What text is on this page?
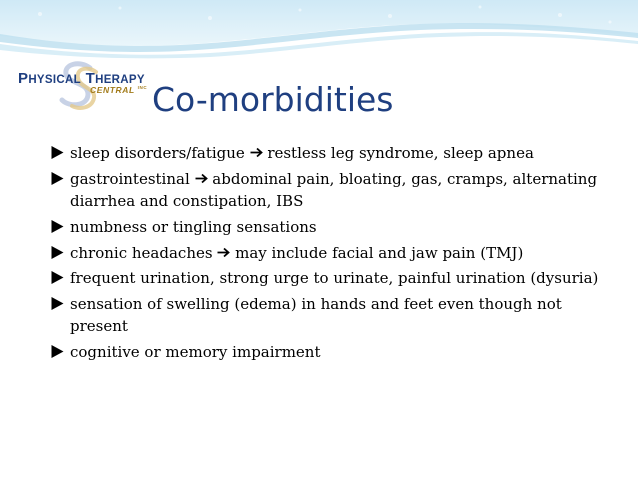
PHYSICAL THERAPY
CENTRAL $^{INC}$ Co-morbidities
sleep disorders/fatigue  restless leg syndrome, sleep apnea
gastrointestinal  abdominal pain, bloating, gas, cramps, alternating diarrhea and constipation, IBS
numbness or tingling sensations
chronic headaches  may include facial and jaw pain (TMJ)
frequent urination, strong urge to urinate, painful urination (dysuria)
sensation of swelling (edema) in hands and feet even though not present
cognitive or memory impairment
